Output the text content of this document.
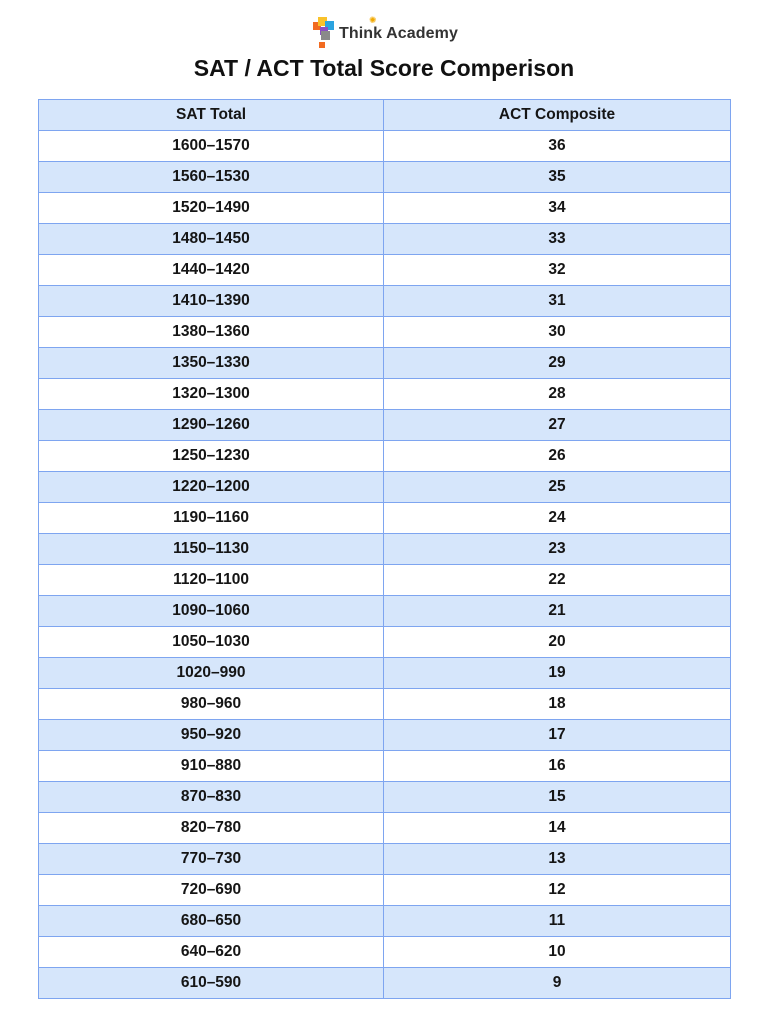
Think Academy
✺
SAT / ACT Total Score Comperison
SAT Total	ACT Composite
1600–1570	36
1560–1530	35
1520–1490	34
1480–1450	33
1440–1420	32
1410–1390	31
1380–1360	30
1350–1330	29
1320–1300	28
1290–1260	27
1250–1230	26
1220–1200	25
1190–1160	24
1150–1130	23
1120–1100	22
1090–1060	21
1050–1030	20
1020–990	19
980–960	18
950–920	17
910–880	16
870–830	15
820–780	14
770–730	13
720–690	12
680–650	11
640–620	10
610–590	9
